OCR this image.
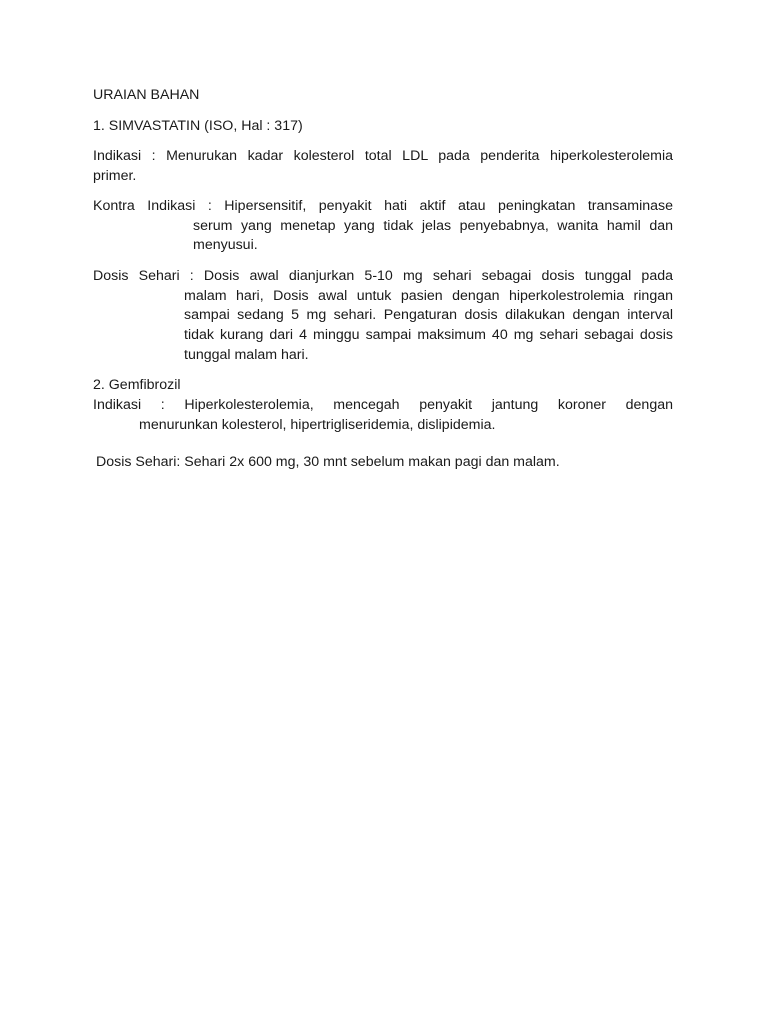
URAIAN BAHAN

1. SIMVASTATIN (ISO, Hal : 317)

Indikasi : Menurukan kadar kolesterol total LDL pada penderita hiperkolesterolemia
primer.
Kontra Indikasi : Hipersensitif, penyakit hati aktif atau peningkatan transaminase
serum yang menetap yang tidak jelas penyebabnya, wanita hamil dan menyusui.
Dosis Sehari : Dosis awal dianjurkan 5-10 mg sehari sebagai dosis tunggal pada
malam hari, Dosis awal untuk pasien dengan hiperkolestrolemia ringan sampai sedang 5 mg sehari. Pengaturan dosis dilakukan dengan interval tidak kurang dari 4 minggu sampai maksimum 40 mg sehari sebagai dosis tunggal malam hari.

2. Gemfibrozil

Indikasi : Hiperkolesterolemia, mencegah penyakit jantung koroner dengan
menurunkan kolesterol, hipertrigliseridemia, dislipidemia.

Dosis Sehari: Sehari 2x 600 mg, 30 mnt sebelum makan pagi dan malam.
